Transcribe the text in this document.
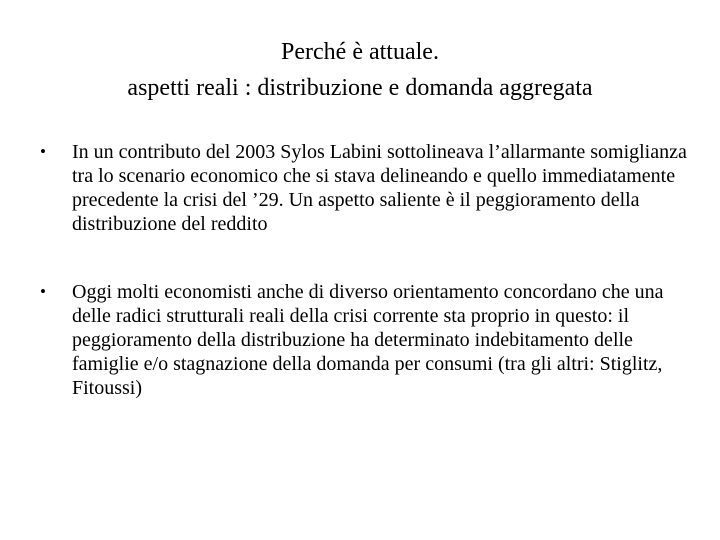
Perché è attuale.
aspetti reali : distribuzione e domanda aggregata
•	In un contributo del 2003 Sylos Labini sottolineava l’allarmante somiglianza tra lo scenario economico che si stava delineando e quello immediatamente precedente la crisi del ’29. Un aspetto saliente è il peggioramento della distribuzione del reddito
•	Oggi molti economisti anche di diverso orientamento concordano che una delle radici strutturali reali della crisi corrente sta proprio in questo: il peggioramento della distribuzione ha determinato indebitamento delle famiglie e/o stagnazione della domanda per consumi (tra gli altri: Stiglitz, Fitoussi)
